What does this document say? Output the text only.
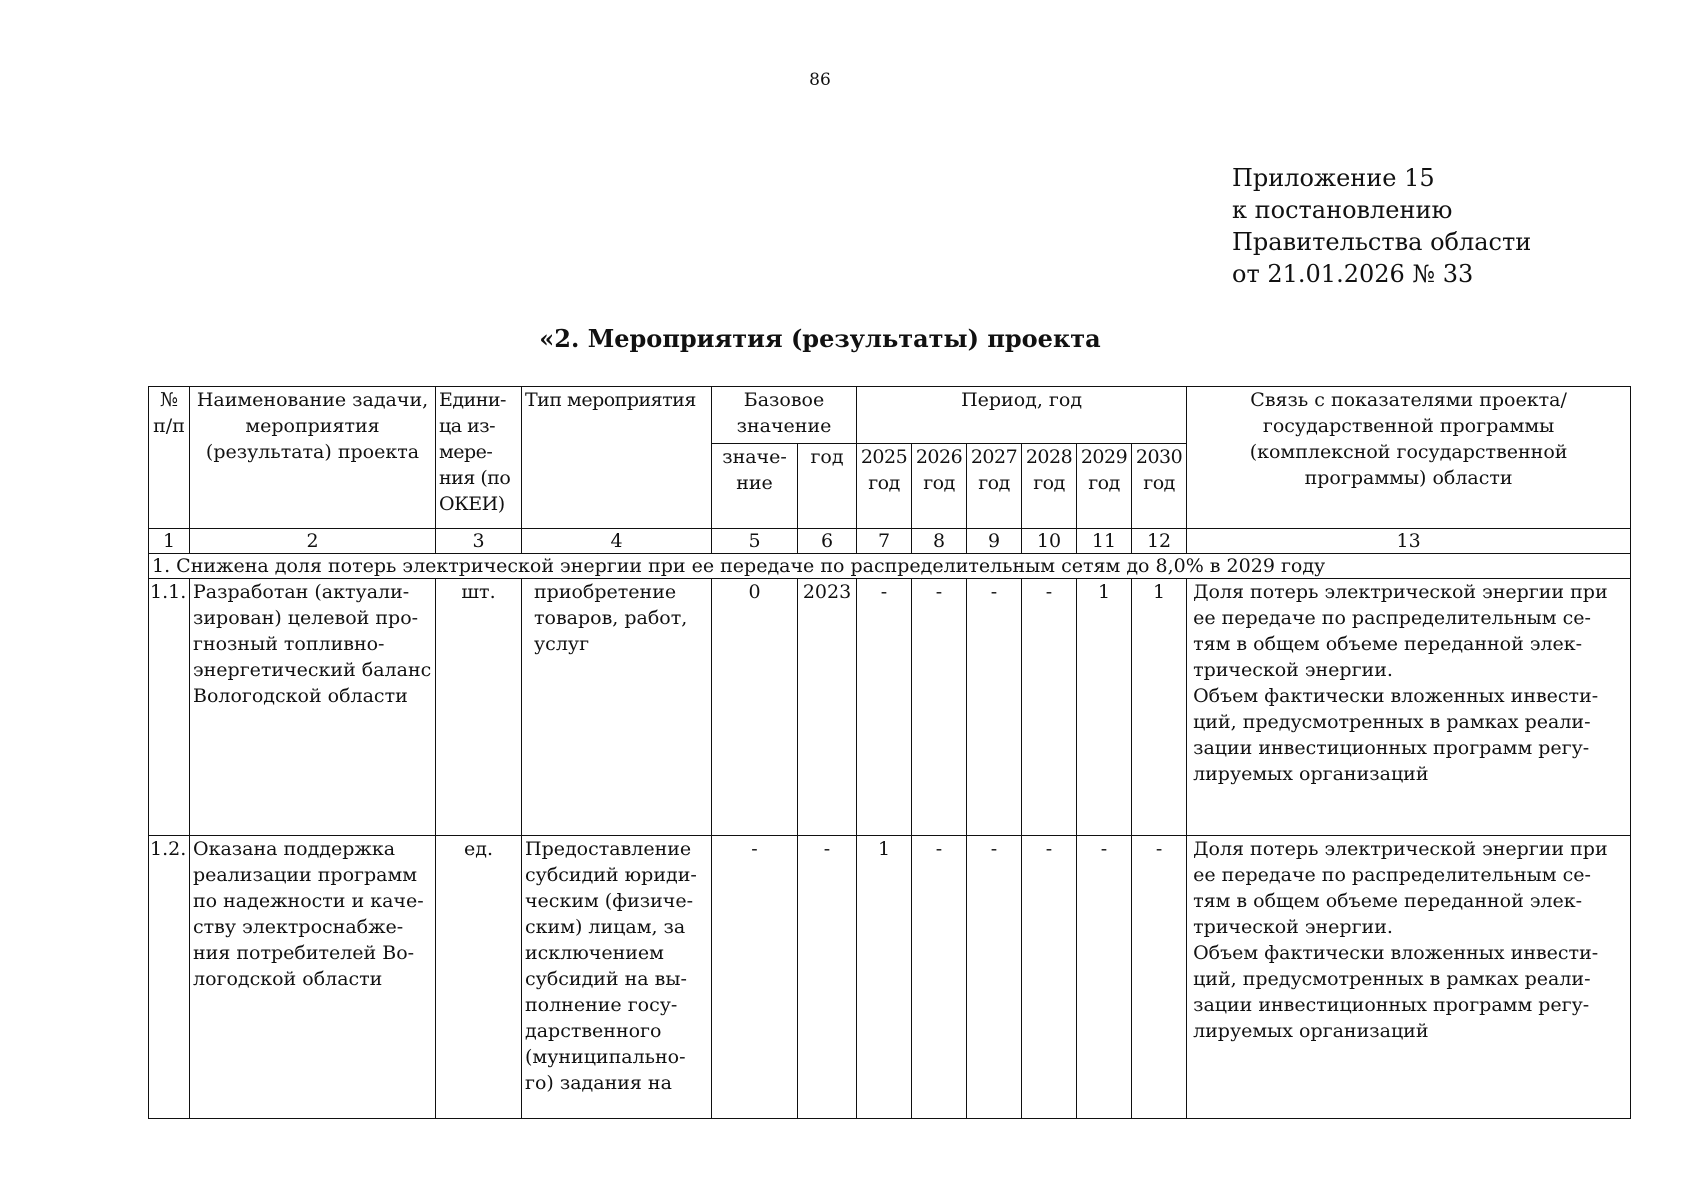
86
Приложение 15
к постановлению
Правительства области
от 21.01.2026 № 33
«2. Мероприятия (результаты) проекта
№ п/п	Наименование задачи, мероприятия (результата) проекта	Едини-ца из-мере-ния (по ОКЕИ)	Тип мероприятия	Базовое значение		Период, год						Связь с показателями проекта/государственной программы (комплексной государственной программы) области
				значе-ние	год	2025 год	2026 год	2027 год	2028 год	2029 год	2030 год	
1	2	3	4	5	6	7	8	9	10	11	12	13
1. Снижена доля потерь электрической энергии при ее передаче по распределительным сетям до 8,0% в 2029 году												
1.1.	Разработан (актуали-зирован) целевой про-гнозный топливно-энергетический баланс Вологодской области	шт.	приобретение товаров, работ, услуг	0	2023	-	-	-	-	1	1	Доля потерь электрической энергии при ее передаче по распределительным се-тям в общем объеме переданной элек-трической энергии.
Объем фактически вложенных инвести-ций, предусмотренных в рамках реали-зации инвестиционных программ регу-лируемых организаций

1.2.	Оказана поддержка реализации программ по надежности и каче-ству электроснабже-ния потребителей Во-логодской области	ед.	Предоставление субсидий юриди-ческим (физиче-ским) лицам, за исключением субсидий на вы-полнение госу-дарственного (муниципально-го) задания на	-	-	1	-	-	-	-	-	Доля потерь электрической энергии при ее передаче по распределительным се-тям в общем объеме переданной элек-трической энергии.
Объем фактически вложенных инвести-ций, предусмотренных в рамках реали-зации инвестиционных программ регу-лируемых организаций
